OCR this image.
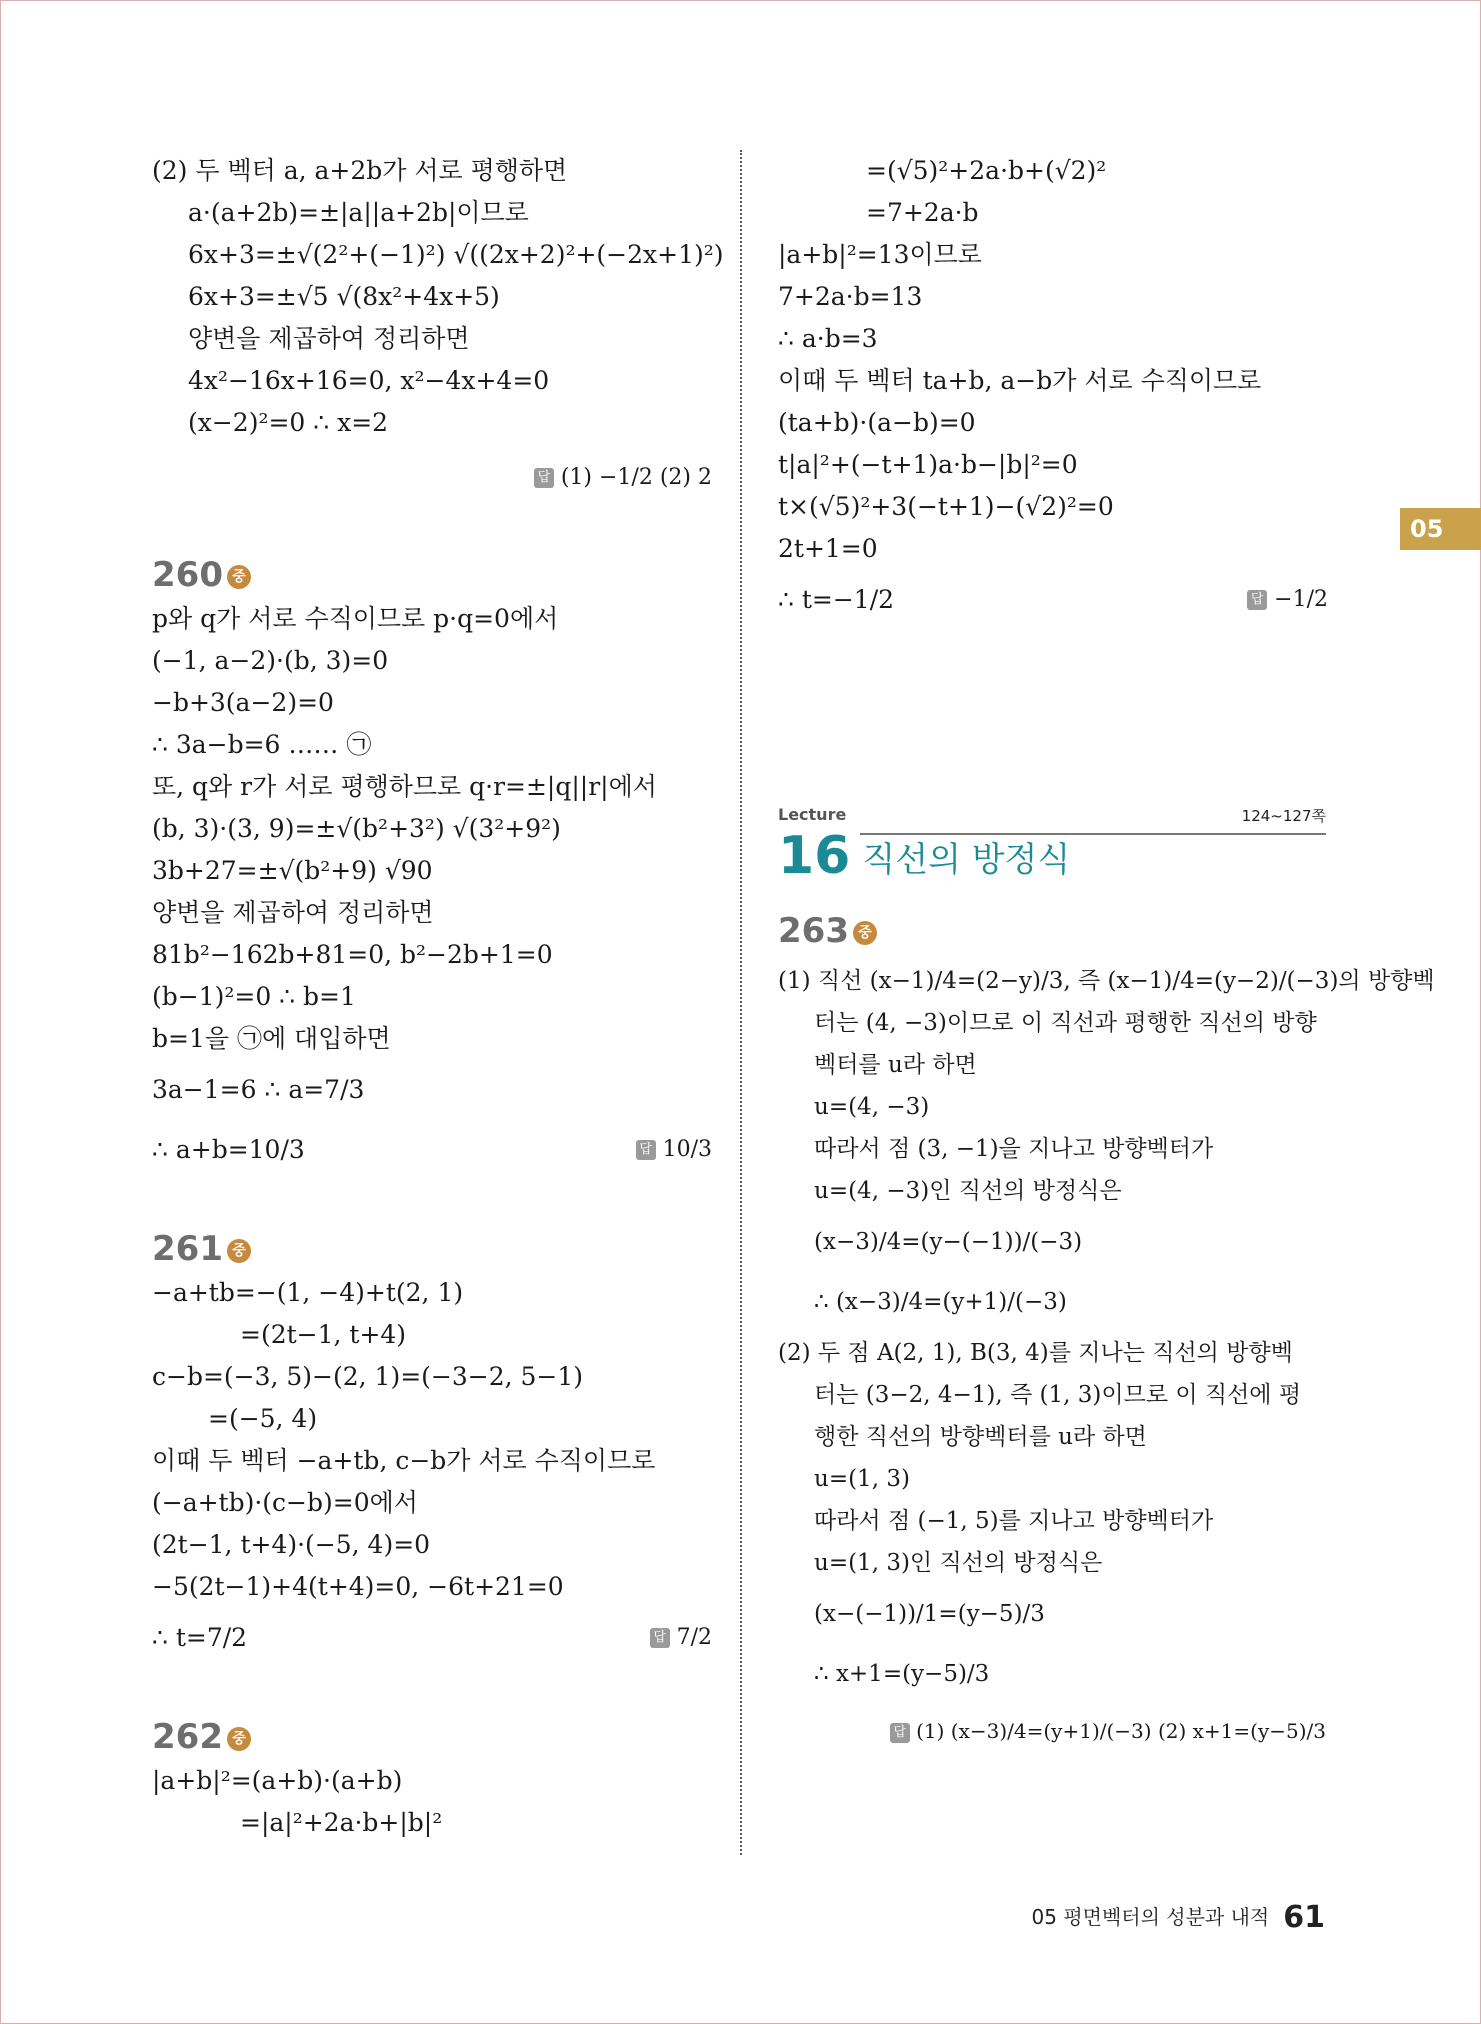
(2) 두 벡터 a, a+2b가 서로 평행하면
a·(a+2b)=±|a||a+2b|이므로
6x+3=±√(2²+(−1)²) √((2x+2)²+(−2x+1)²)
6x+3=±√5 √(8x²+4x+5)
양변을 제곱하여 정리하면
4x²−16x+16=0, x²−4x+4=0
(x−2)²=0 ∴ x=2
답 (1) −1/2 (2) 2
260 중
p와 q가 서로 수직이므로 p·q=0에서
(−1, a−2)·(b, 3)=0
−b+3(a−2)=0
∴ 3a−b=6 …… ㉠
또, q와 r가 서로 평행하므로 q·r=±|q||r|에서
(b, 3)·(3, 9)=±√(b²+3²) √(3²+9²)
3b+27=±√(b²+9) √90
양변을 제곱하여 정리하면
81b²−162b+81=0, b²−2b+1=0
(b−1)²=0 ∴ b=1
b=1을 ㉠에 대입하면
3a−1=6 ∴ a=7/3
∴ a+b=10/3	답 10/3
261 중
−a+tb=−(1, −4)+t(2, 1)
=(2t−1, t+4)
c−b=(−3, 5)−(2, 1)=(−3−2, 5−1)
=(−5, 4)
이때 두 벡터 −a+tb, c−b가 서로 수직이므로
(−a+tb)·(c−b)=0에서
(2t−1, t+4)·(−5, 4)=0
−5(2t−1)+4(t+4)=0, −6t+21=0
∴ t=7/2	답 7/2
262 중
|a+b|²=(a+b)·(a+b)
=|a|²+2a·b+|b|²
=(√5)²+2a·b+(√2)²
=7+2a·b
|a+b|²=13이므로
7+2a·b=13
∴ a·b=3
이때 두 벡터 ta+b, a−b가 서로 수직이므로
(ta+b)·(a−b)=0
t|a|²+(−t+1)a·b−|b|²=0
t×(√5)²+3(−t+1)−(√2)²=0
2t+1=0
∴ t=−1/2	답 −1/2
Lecture	124~127쪽
16 직선의 방정식
263 중
(1) 직선 (x−1)/4=(2−y)/3, 즉 (x−1)/4=(y−2)/(−3)의 방향벡
터는 (4, −3)이므로 이 직선과 평행한 직선의 방향
벡터를 u라 하면
u=(4, −3)
따라서 점 (3, −1)을 지나고 방향벡터가
u=(4, −3)인 직선의 방정식은
(x−3)/4=(y−(−1))/(−3)
∴ (x−3)/4=(y+1)/(−3)
(2) 두 점 A(2, 1), B(3, 4)를 지나는 직선의 방향벡
터는 (3−2, 4−1), 즉 (1, 3)이므로 이 직선에 평
행한 직선의 방향벡터를 u라 하면
u=(1, 3)
따라서 점 (−1, 5)를 지나고 방향벡터가
u=(1, 3)인 직선의 방정식은
(x−(−1))/1=(y−5)/3
∴ x+1=(y−5)/3
답 (1) (x−3)/4=(y+1)/(−3) (2) x+1=(y−5)/3
05
05 평면벡터의 성분과 내적 61
